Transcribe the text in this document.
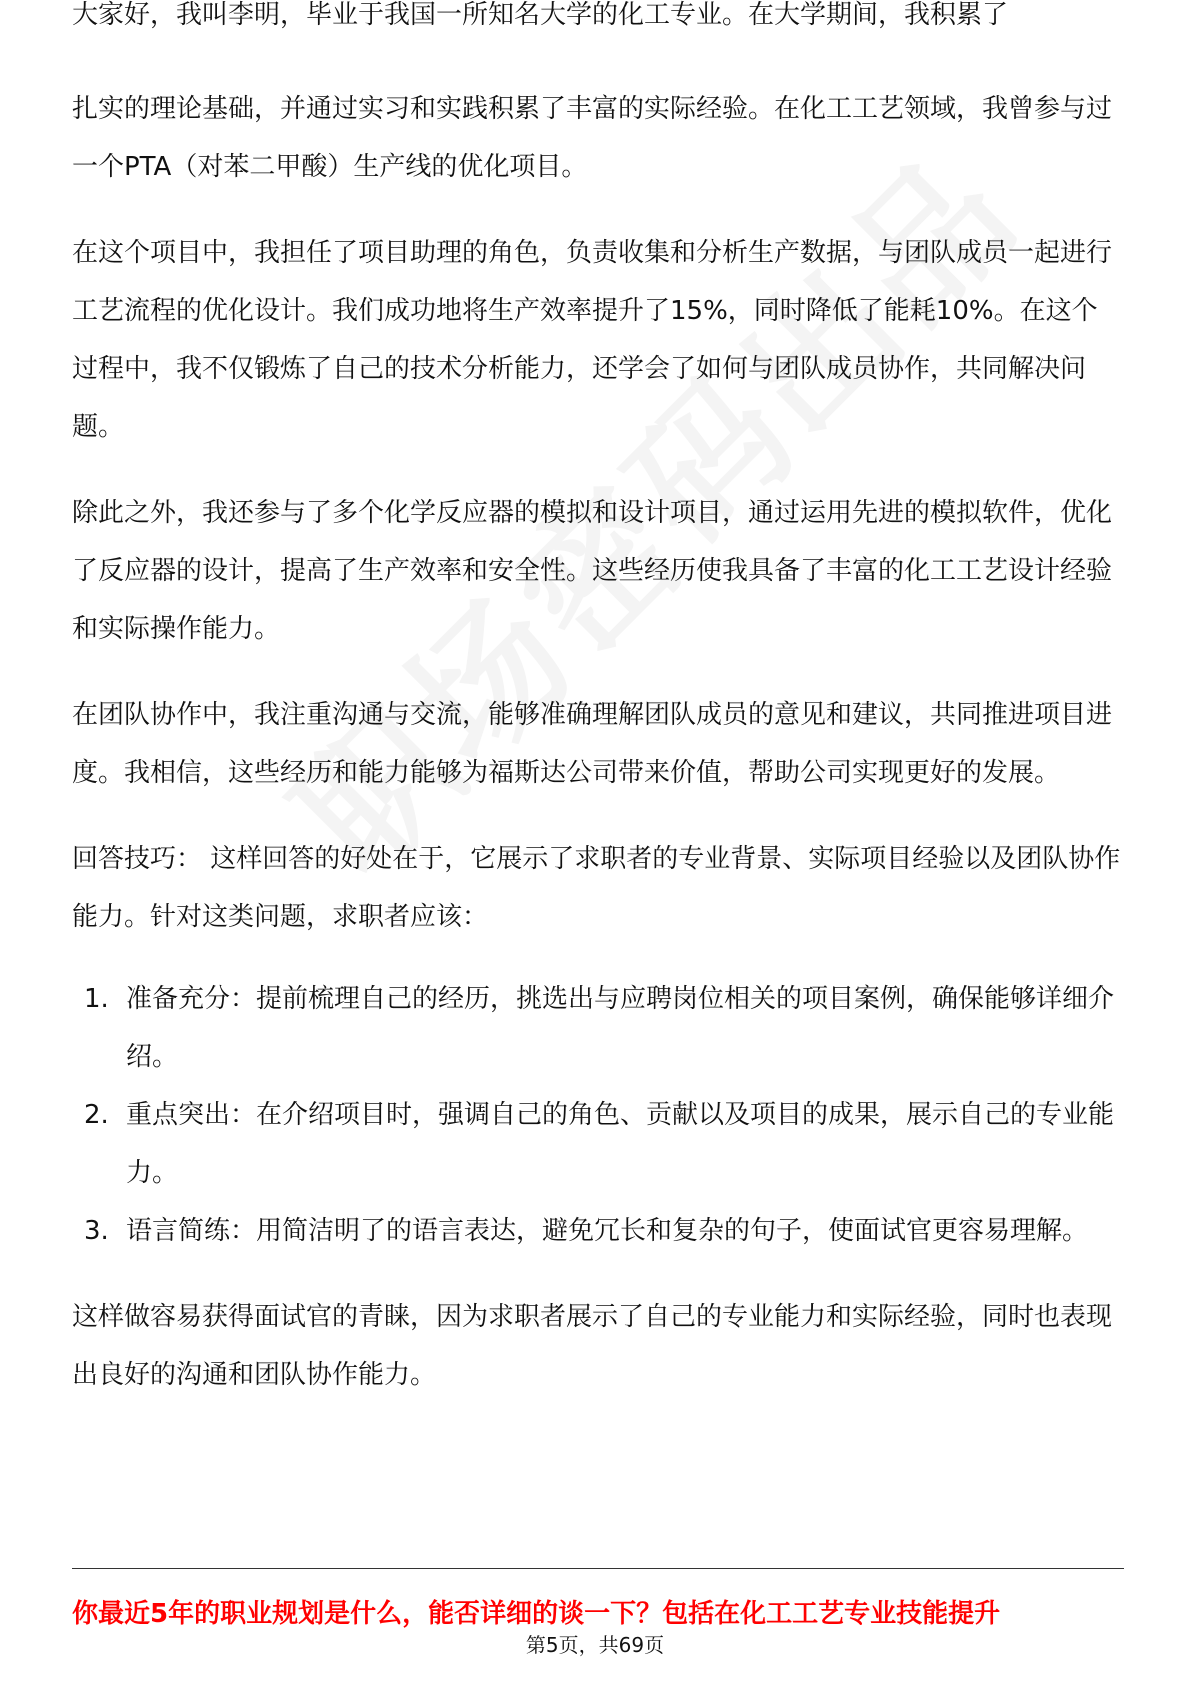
大家好，我叫李明，毕业于我国一所知名大学的化工专业。在大学期间，我积累了

扎实的理论基础，并通过实习和实践积累了丰富的实际经验。在化工工艺领域，我曾参与过一个PTA（对苯二甲酸）生产线的优化项目。

在这个项目中，我担任了项目助理的角色，负责收集和分析生产数据，与团队成员一起进行工艺流程的优化设计。我们成功地将生产效率提升了15%，同时降低了能耗10%。在这个过程中，我不仅锻炼了自己的技术分析能力，还学会了如何与团队成员协作，共同解决问题。

除此之外，我还参与了多个化学反应器的模拟和设计项目，通过运用先进的模拟软件，优化了反应器的设计，提高了生产效率和安全性。这些经历使我具备了丰富的化工工艺设计经验和实际操作能力。

在团队协作中，我注重沟通与交流，能够准确理解团队成员的意见和建议，共同推进项目进度。我相信，这些经历和能力能够为福斯达公司带来价值，帮助公司实现更好的发展。

回答技巧： 这样回答的好处在于，它展示了求职者的专业背景、实际项目经验以及团队协作能力。针对这类问题，求职者应该：

1. 准备充分：提前梳理自己的经历，挑选出与应聘岗位相关的项目案例，确保能够详细介绍。
2. 重点突出：在介绍项目时，强调自己的角色、贡献以及项目的成果，展示自己的专业能力。
3. 语言简练：用简洁明了的语言表达，避免冗长和复杂的句子，使面试官更容易理解。

这样做容易获得面试官的青睐，因为求职者展示了自己的专业能力和实际经验，同时也表现出良好的沟通和团队协作能力。

你最近5年的职业规划是什么，能否详细的谈一下？包括在化工工艺专业技能提升
第5页，共69页
